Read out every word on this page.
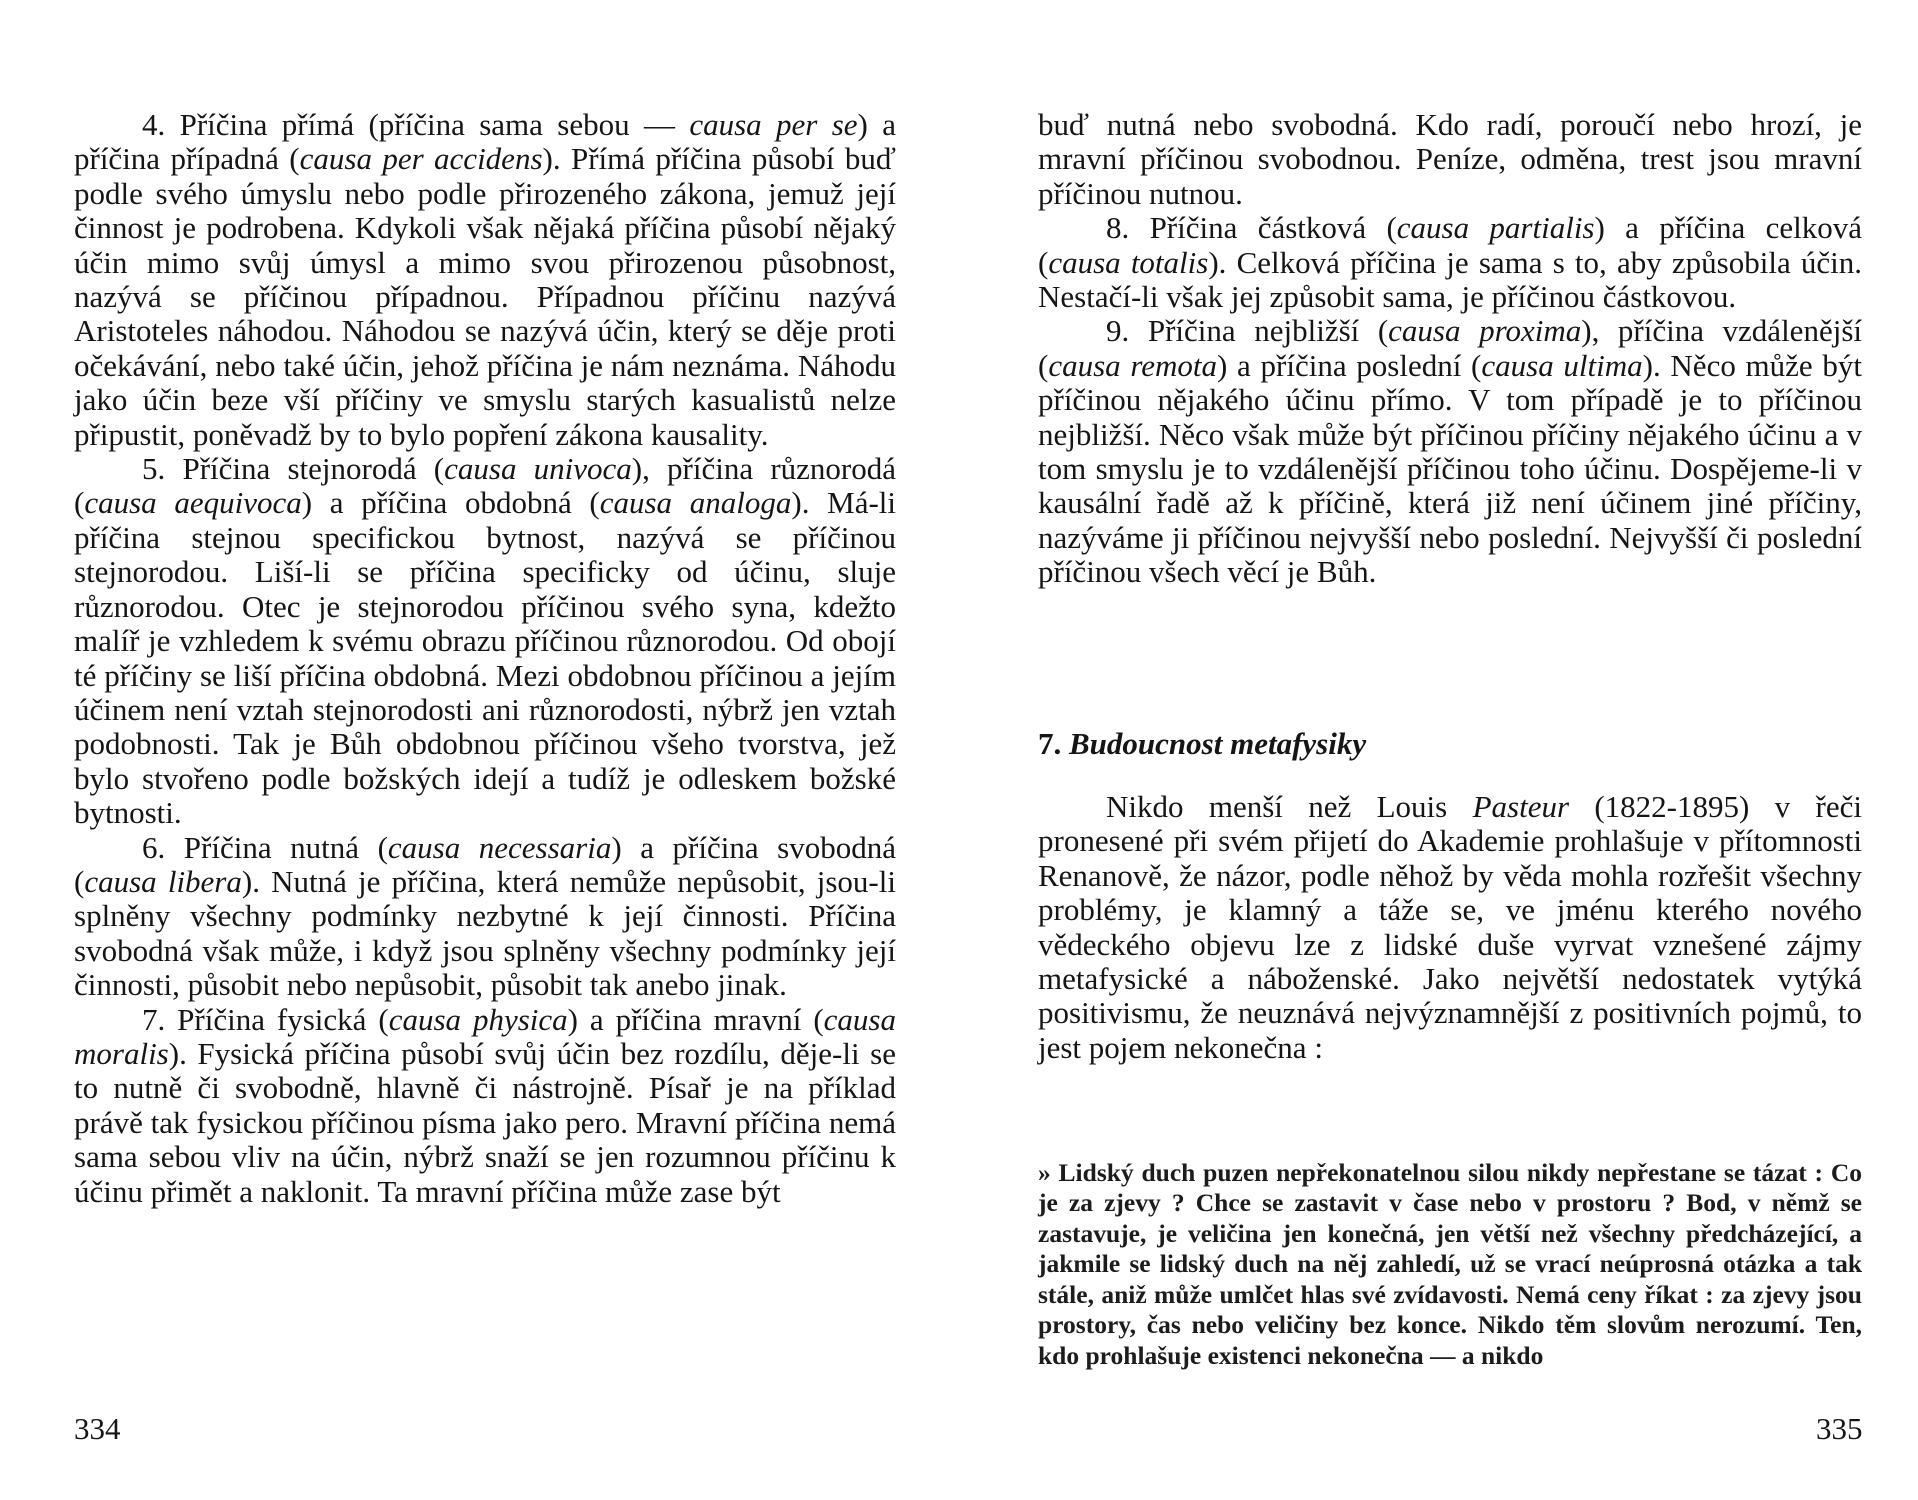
4. Příčina přímá (příčina sama sebou — causa per se) a příčina případná (causa per accidens). Přímá příčina působí buď podle svého úmyslu nebo podle přirozeného zákona, jemuž její činnost je podrobena. Kdykoli však nějaká příčina působí nějaký účin mimo svůj úmysl a mimo svou přirozenou působnost, nazývá se příčinou případnou. Případnou příčinu nazývá Aristoteles náhodou. Náhodou se nazývá účin, který se děje proti očekávání, nebo také účin, jehož příčina je nám neznáma. Náhodu jako účin beze vší příčiny ve smyslu starých kasualistů nelze připustit, poněvadž by to bylo popření zákona kausality.

5. Příčina stejnorodá (causa univoca), příčina různorodá (causa aequivoca) a příčina obdobná (causa analoga). Má-li příčina stejnou specifickou bytnost, nazývá se příčinou stejnorodou. Liší-li se příčina specificky od účinu, sluje různorodou. Otec je stejnorodou příčinou svého syna, kdežto malíř je vzhledem k svému obrazu příčinou různorodou. Od obojí té příčiny se liší příčina obdobná. Mezi obdobnou příčinou a jejím účinem není vztah stejnorodosti ani různorodosti, nýbrž jen vztah podobnosti. Tak je Bůh obdobnou příčinou všeho tvorstva, jež bylo stvořeno podle božských idejí a tudíž je odleskem božské bytnosti.

6. Příčina nutná (causa necessaria) a příčina svobodná (causa libera). Nutná je příčina, která nemůže nepůsobit, jsou-li splněny všechny podmínky nezbytné k její činnosti. Příčina svobodná však může, i když jsou splněny všechny podmínky její činnosti, působit nebo nepůsobit, působit tak anebo jinak.

7. Příčina fysická (causa physica) a příčina mravní (causa moralis). Fysická příčina působí svůj účin bez rozdílu, děje-li se to nutně či svobodně, hlavně či nástrojně. Písař je na příklad právě tak fysickou příčinou písma jako pero. Mravní příčina nemá sama sebou vliv na účin, nýbrž snaží se jen rozumnou příčinu k účinu přimět a naklonit. Ta mravní příčina může zase být

334

buď nutná nebo svobodná. Kdo radí, poroučí nebo hrozí, je mravní příčinou svobodnou. Peníze, odměna, trest jsou mravní příčinou nutnou.

8. Příčina částková (causa partialis) a příčina celková (causa totalis). Celková příčina je sama s to, aby způsobila účin. Nestačí-li však jej způsobit sama, je příčinou částkovou.

9. Příčina nejbližší (causa proxima), příčina vzdálenější (causa remota) a příčina poslední (causa ultima). Něco může být příčinou nějakého účinu přímo. V tom případě je to příčinou nejbližší. Něco však může být příčinou příčiny nějakého účinu a v tom smyslu je to vzdálenější příčinou toho účinu. Dospějeme-li v kausální řadě až k příčině, která již není účinem jiné příčiny, nazýváme ji příčinou nejvyšší nebo poslední. Nejvyšší či poslední příčinou všech věcí je Bůh.

7. Budoucnost metafysiky

Nikdo menší než Louis Pasteur (1822-1895) v řeči pronesené při svém přijetí do Akademie prohlašuje v přítomnosti Renanově, že názor, podle něhož by věda mohla rozřešit všechny problémy, je klamný a táže se, ve jménu kterého nového vědeckého objevu lze z lidské duše vyrvat vznešené zájmy metafysické a náboženské. Jako největší nedostatek vytýká positivismu, že neuznává nejvýznamnější z positivních pojmů, to jest pojem nekonečna :

» Lidský duch puzen nepřekonatelnou silou nikdy nepřestane se tázat : Co je za zjevy ? Chce se zastavit v čase nebo v prostoru ? Bod, v němž se zastavuje, je veličina jen konečná, jen větší než všechny předcházející, a jakmile se lidský duch na něj zahledí, už se vrací neúprosná otázka a tak stále, aniž může umlčet hlas své zvídavosti. Nemá ceny říkat : za zjevy jsou prostory, čas nebo veličiny bez konce. Nikdo těm slovům nerozumí. Ten, kdo prohlašuje existenci nekonečna — a nikdo

335
